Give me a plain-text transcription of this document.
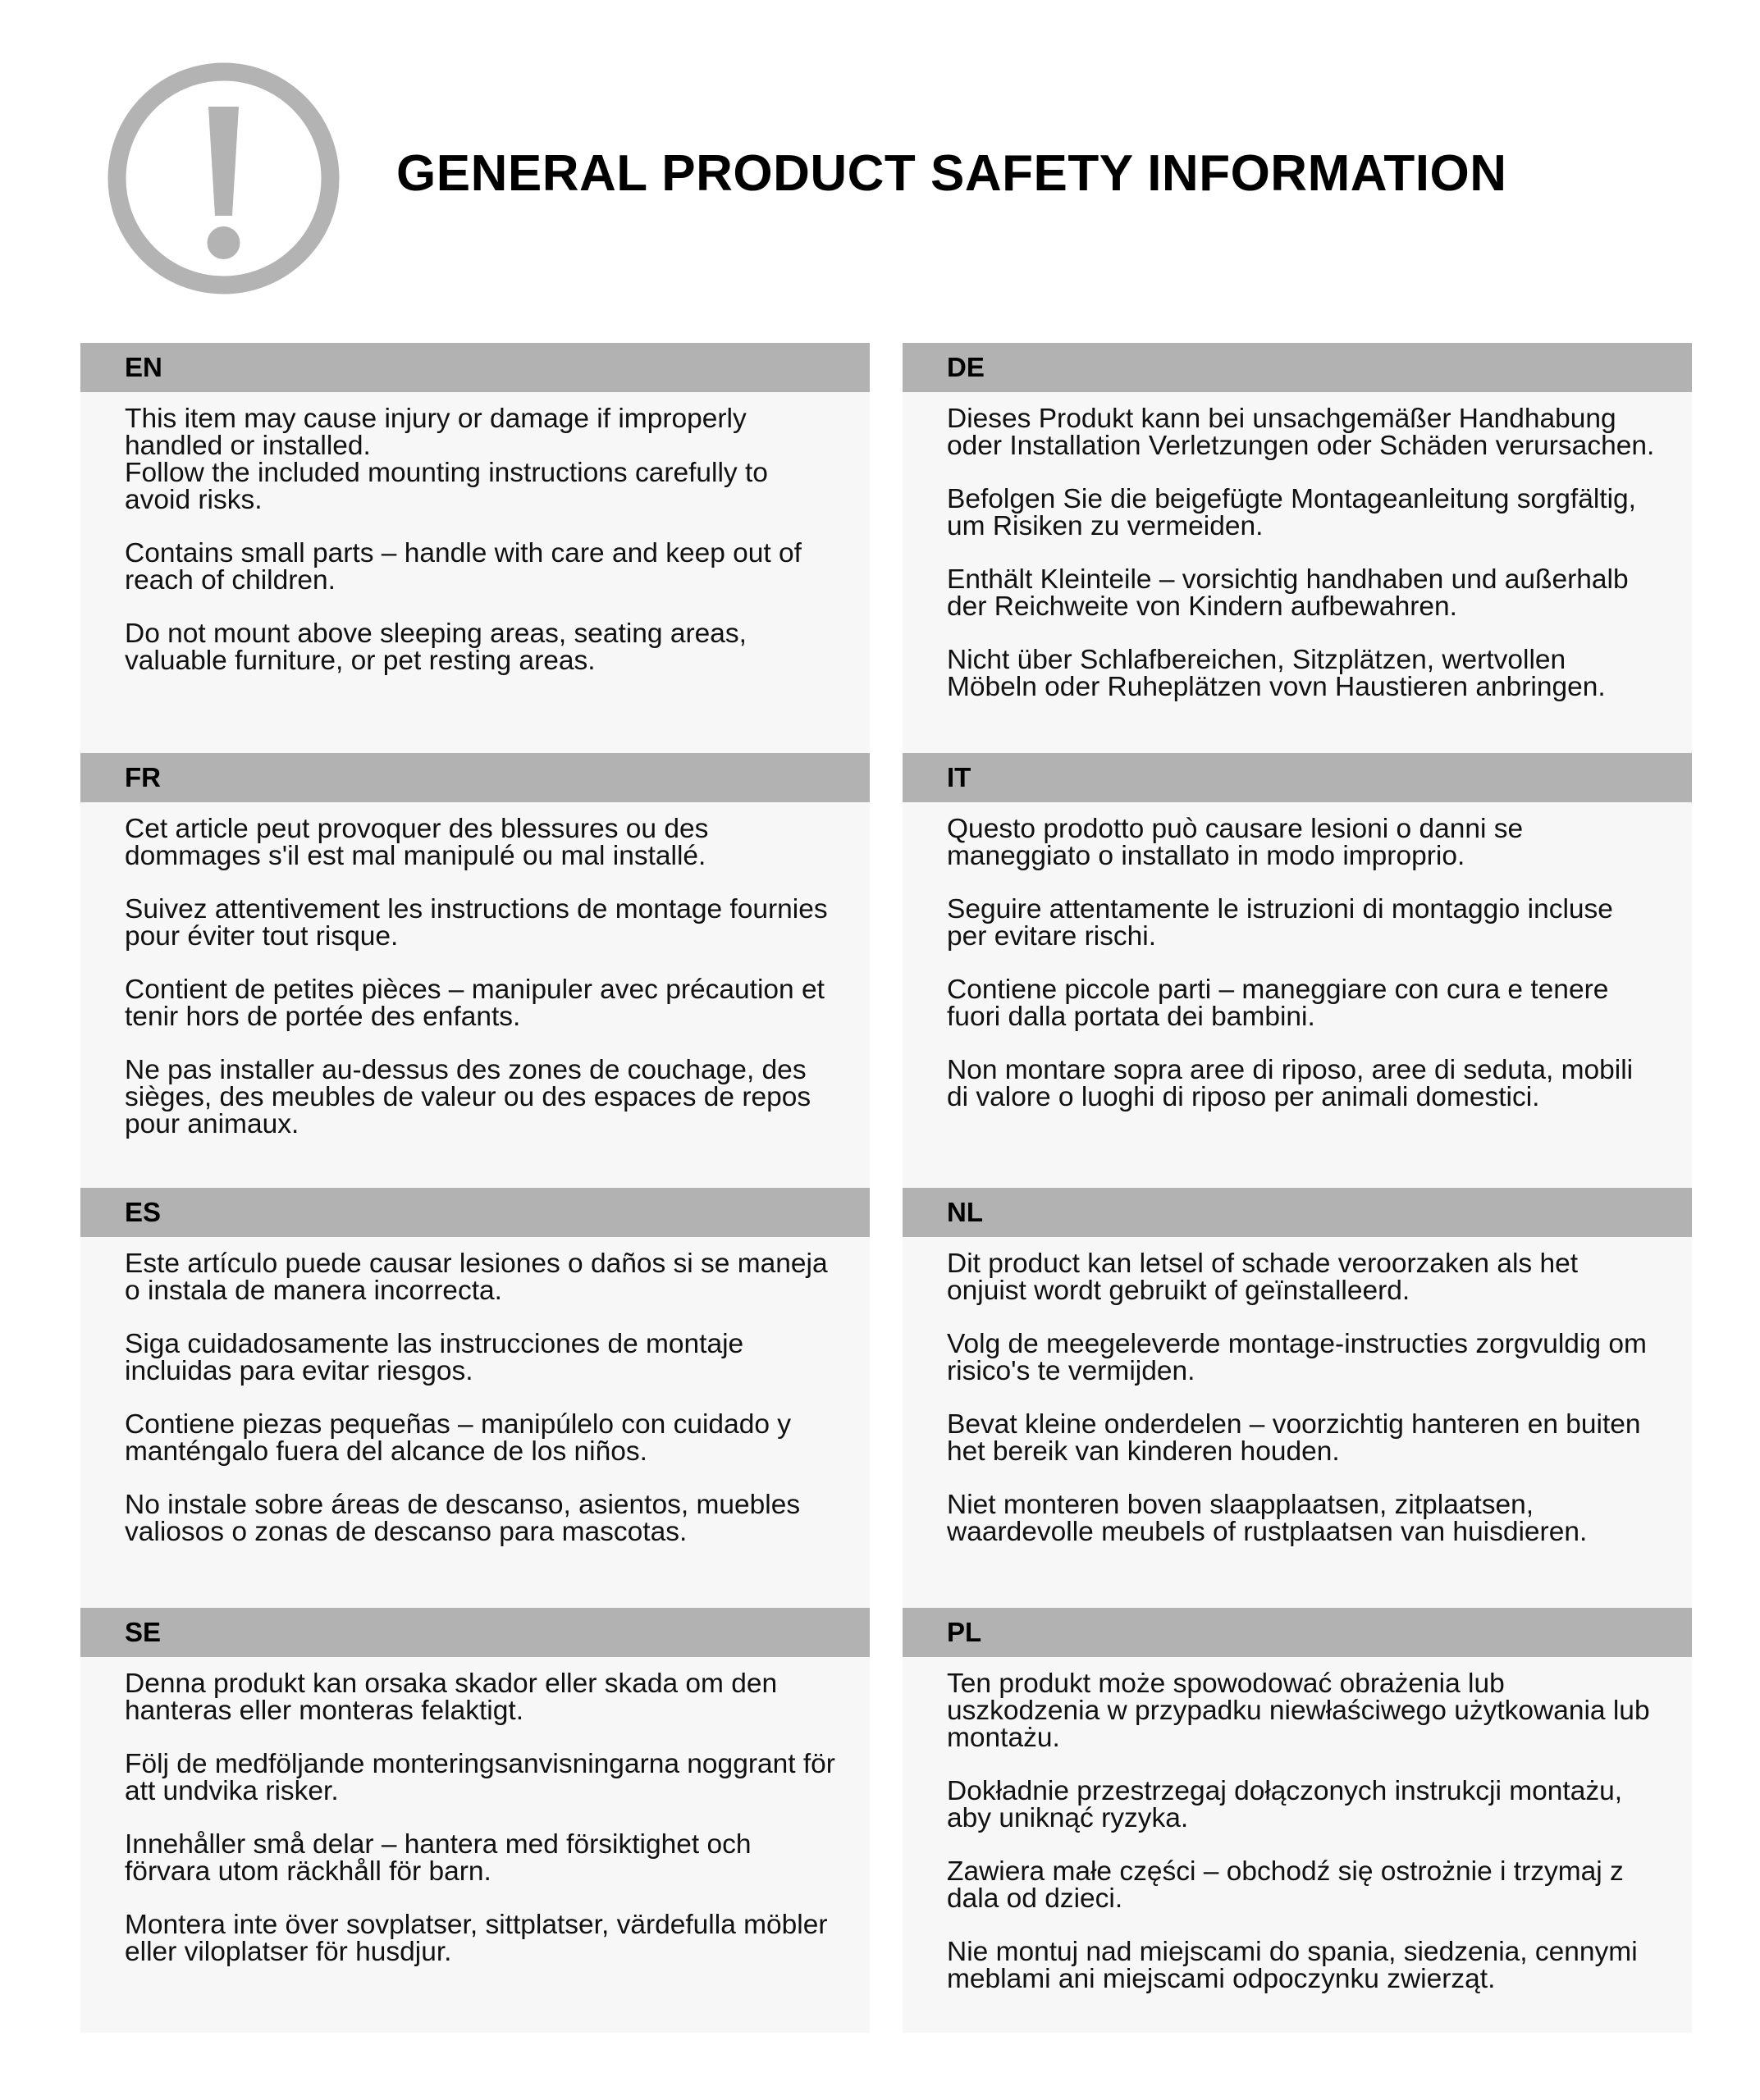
GENERAL PRODUCT SAFETY INFORMATION
EN

This item may cause injury or damage if improperly handled or installed.
Follow the included mounting instructions carefully to avoid risks.

Contains small parts – handle with care and keep out of reach of children.

Do not mount above sleeping areas, seating areas, valuable furniture, or pet resting areas.

DE

Dieses Produkt kann bei unsachgemäßer Handhabung oder Installation Verletzungen oder Schäden verursachen.

Befolgen Sie die beigefügte Montageanleitung sorgfältig, um Risiken zu vermeiden.

Enthält Kleinteile – vorsichtig handhaben und außerhalb der Reichweite von Kindern aufbewahren.

Nicht über Schlafbereichen, Sitzplätzen, wertvollen Möbeln oder Ruheplätzen vovn Haustieren anbringen.

FR

Cet article peut provoquer des blessures ou des dommages s'il est mal manipulé ou mal installé.

Suivez attentivement les instructions de montage fournies pour éviter tout risque.

Contient de petites pièces – manipuler avec précaution et tenir hors de portée des enfants.

Ne pas installer au-dessus des zones de couchage, des sièges, des meubles de valeur ou des espaces de repos pour animaux.

IT

Questo prodotto può causare lesioni o danni se maneggiato o installato in modo improprio.

Seguire attentamente le istruzioni di montaggio incluse per evitare rischi.

Contiene piccole parti – maneggiare con cura e tenere fuori dalla portata dei bambini.

Non montare sopra aree di riposo, aree di seduta, mobili di valore o luoghi di riposo per animali domestici.

ES

Este artículo puede causar lesiones o daños si se maneja o instala de manera incorrecta.

Siga cuidadosamente las instrucciones de montaje incluidas para evitar riesgos.

Contiene piezas pequeñas – manipúlelo con cuidado y manténgalo fuera del alcance de los niños.

No instale sobre áreas de descanso, asientos, muebles valiosos o zonas de descanso para mascotas.

NL

Dit product kan letsel of schade veroorzaken als het onjuist wordt gebruikt of geïnstalleerd.

Volg de meegeleverde montage-instructies zorgvuldig om risico's te vermijden.

Bevat kleine onderdelen – voorzichtig hanteren en buiten het bereik van kinderen houden.

Niet monteren boven slaapplaatsen, zitplaatsen, waardevolle meubels of rustplaatsen van huisdieren.

SE

Denna produkt kan orsaka skador eller skada om den hanteras eller monteras felaktigt.

Följ de medföljande monteringsanvisningarna noggrant för att undvika risker.

Innehåller små delar – hantera med försiktighet och förvara utom räckhåll för barn.

Montera inte över sovplatser, sittplatser, värdefulla möbler eller viloplatser för husdjur.

PL

Ten produkt może spowodować obrażenia lub uszkodzenia w przypadku niewłaściwego użytkowania lub montażu.

Dokładnie przestrzegaj dołączonych instrukcji montażu, aby uniknąć ryzyka.

Zawiera małe części – obchodź się ostrożnie i trzymaj z dala od dzieci.

Nie montuj nad miejscami do spania, siedzenia, cennymi meblami ani miejscami odpoczynku zwierząt.
